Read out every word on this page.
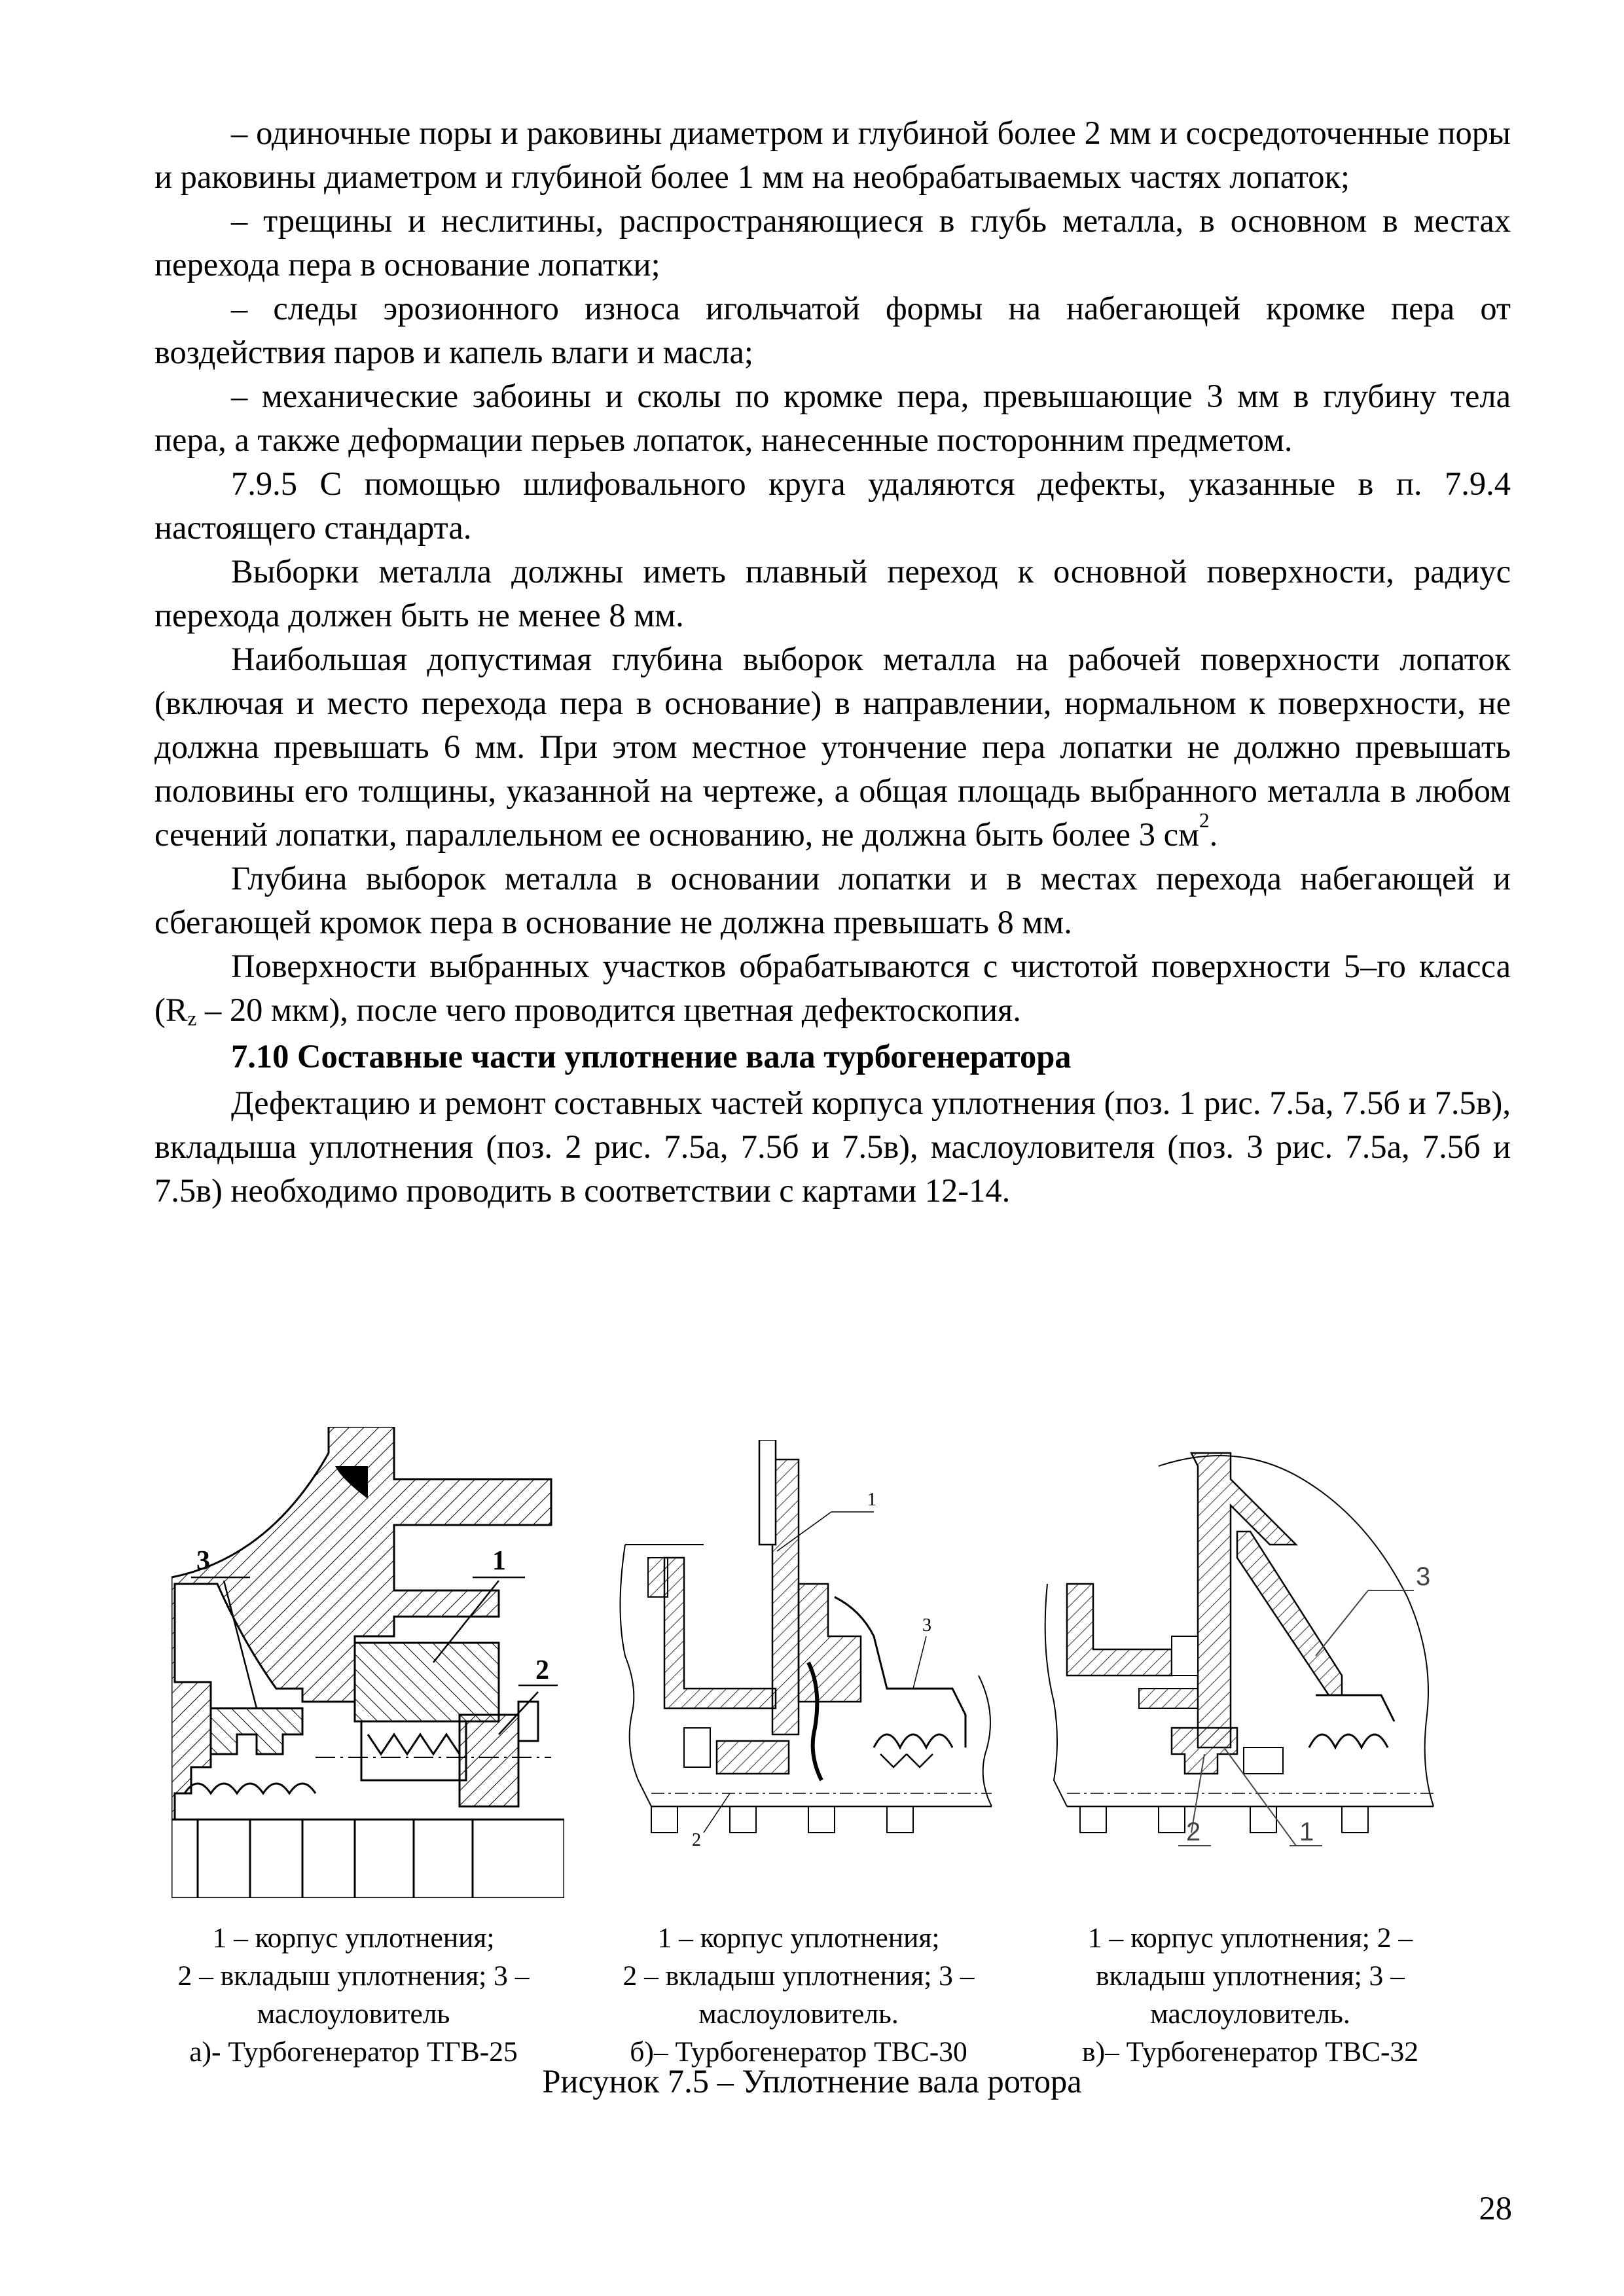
– одиночные поры и раковины диаметром и глубиной более 2 мм и сосредоточенные поры и раковины диаметром и глубиной более 1 мм на необрабатываемых частях лопаток;

– трещины и неслитины, распространяющиеся в глубь металла, в основном в местах перехода пера в основание лопатки;

– следы эрозионного износа игольчатой формы на набегающей кромке пера от воздействия паров и капель влаги и масла;

– механические забоины и сколы по кромке пера, превышающие 3 мм в глубину тела пера, а также деформации перьев лопаток, нанесенные посторонним предметом.

7.9.5 С помощью шлифовального круга удаляются дефекты, указанные в п. 7.9.4 настоящего стандарта.

Выборки металла должны иметь плавный переход к основной поверхности, радиус перехода должен быть не менее 8 мм.

Наибольшая допустимая глубина выборок металла на рабочей поверхности лопаток (включая и место перехода пера в основание) в направлении, нормальном к поверхности, не должна превышать 6 мм. При этом местное утончение пера лопатки не должно превышать половины его толщины, указанной на чертеже, а общая площадь выбранного металла в любом сечений лопатки, параллельном ее основанию, не должна быть более 3 $см^2$.

Глубина выборок металла в основании лопатки и в местах перехода набегающей и сбегающей кромок пера в основание не должна превышать 8 мм.

Поверхности выбранных участков обрабатываются с чистотой поверхности 5–го класса ($R_z - 20$ мкм), после чего проводится цветная дефектоскопия.

7.10 Составные части уплотнение вала турбогенератора

Дефектацию и ремонт составных частей корпуса уплотнения (поз. 1 рис. 7.5а, 7.5б и 7.5в), вкладыша уплотнения (поз. 2 рис. 7.5а, 7.5б и 7.5в), маслоуловителя (поз. 3 рис. 7.5а, 7.5б и 7.5в) необходимо проводить в соответствии с картами 12-14.

3	1
2
1
3
2
3
2	1
1 – корпус уплотнения;
2 – вкладыш уплотнения; 3 –
маслоуловитель
а)- Турбогенератор ТГВ-25
1 – корпус уплотнения;
2 – вкладыш уплотнения; 3 –
маслоуловитель.
б)– Турбогенератор ТВС-30
1 – корпус уплотнения; 2 –
вкладыш уплотнения; 3 –
маслоуловитель.
в)– Турбогенератор ТВС-32
Рисунок 7.5 – Уплотнение вала ротора
28
